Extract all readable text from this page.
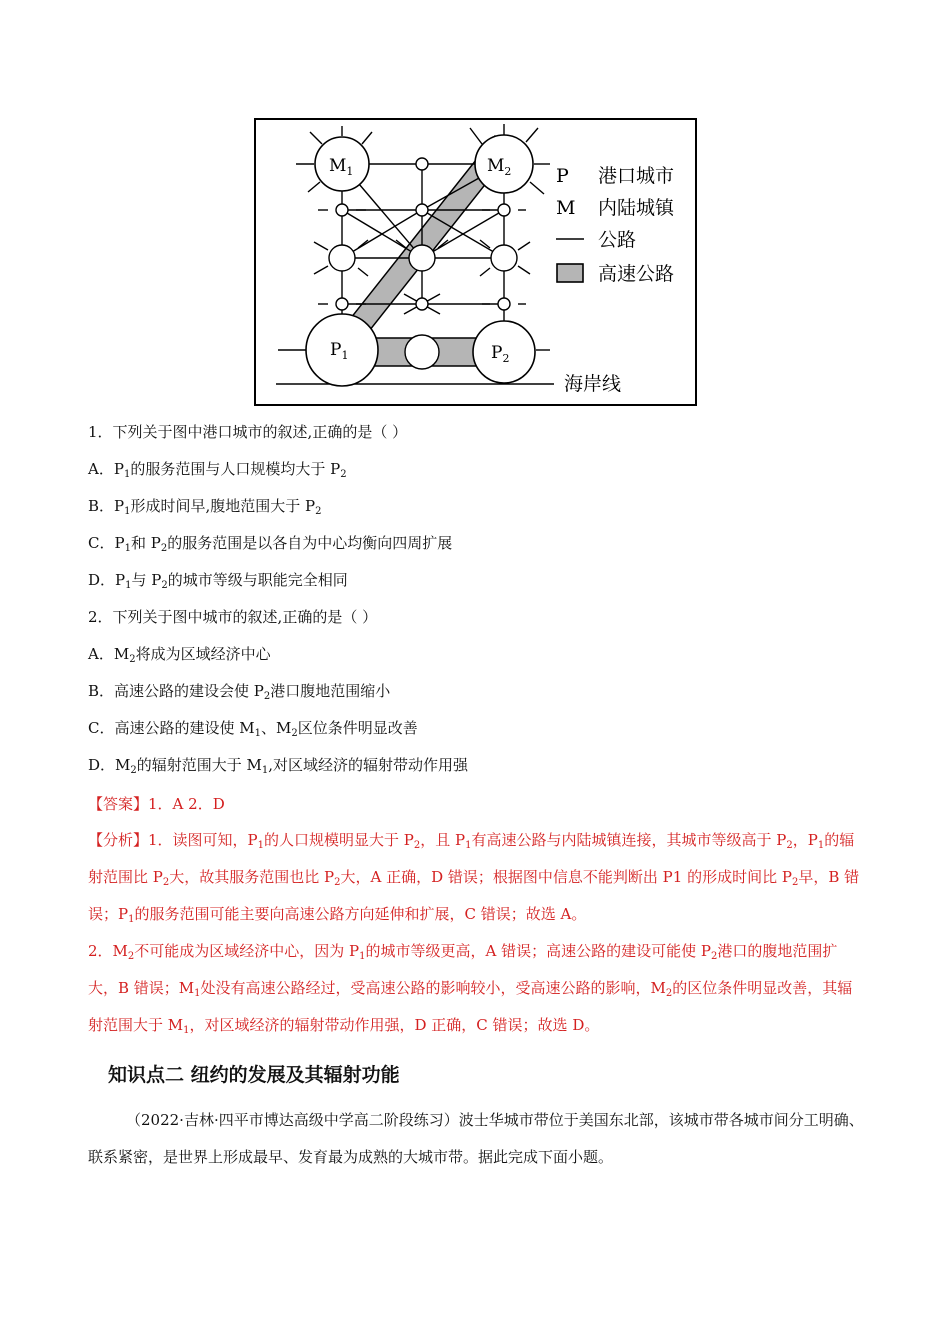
$M_1$	$M_2$
$P_1$	$P_2$
P 港口城市
M 内陆城镇
公路
高速公路
海岸线
1．下列关于图中港口城市的叙述,正确的是（ ）
A．$P_1$的服务范围与人口规模均大于 $P_2$
B．$P_1$形成时间早,腹地范围大于 $P_2$
C．$P_1$和 $P_2$的服务范围是以各自为中心均衡向四周扩展
D．$P_1$与 $P_2$的城市等级与职能完全相同
2．下列关于图中城市的叙述,正确的是（ ）
A．$M_2$将成为区域经济中心
B．高速公路的建设会使 $P_2$港口腹地范围缩小
C．高速公路的建设使 $M_1$、$M_2$区位条件明显改善
D．$M_2$的辐射范围大于 $M_1$,对区域经济的辐射带动作用强
【答案】1．A 2．D
【分析】1．读图可知，$P_1$的人口规模明显大于 $P_2$，且 $P_1$有高速公路与内陆城镇连接，其城市等级高于 $P_2$，$P_1$的辐射范围比 $P_2$大，故其服务范围也比 $P_2$大，A 正确，D 错误；根据图中信息不能判断出 P1 的形成时间比 $P_2$早，B 错误；$P_1$的服务范围可能主要向高速公路方向延伸和扩展，C 错误；故选 A。
2．$M_2$不可能成为区域经济中心，因为 $P_1$的城市等级更高，A 错误；高速公路的建设可能使 $P_2$港口的腹地范围扩大，B 错误；$M_1$处没有高速公路经过，受高速公路的影响较小，受高速公路的影响，$M_2$的区位条件明显改善，其辐射范围大于 $M_1$，对区域经济的辐射带动作用强，D 正确，C 错误；故选 D。
知识点二 纽约的发展及其辐射功能
（2022·吉林·四平市博达高级中学高二阶段练习）波士华城市带位于美国东北部，该城市带各城市间分工明确、联系紧密，是世界上形成最早、发育最为成熟的大城市带。据此完成下面小题。
